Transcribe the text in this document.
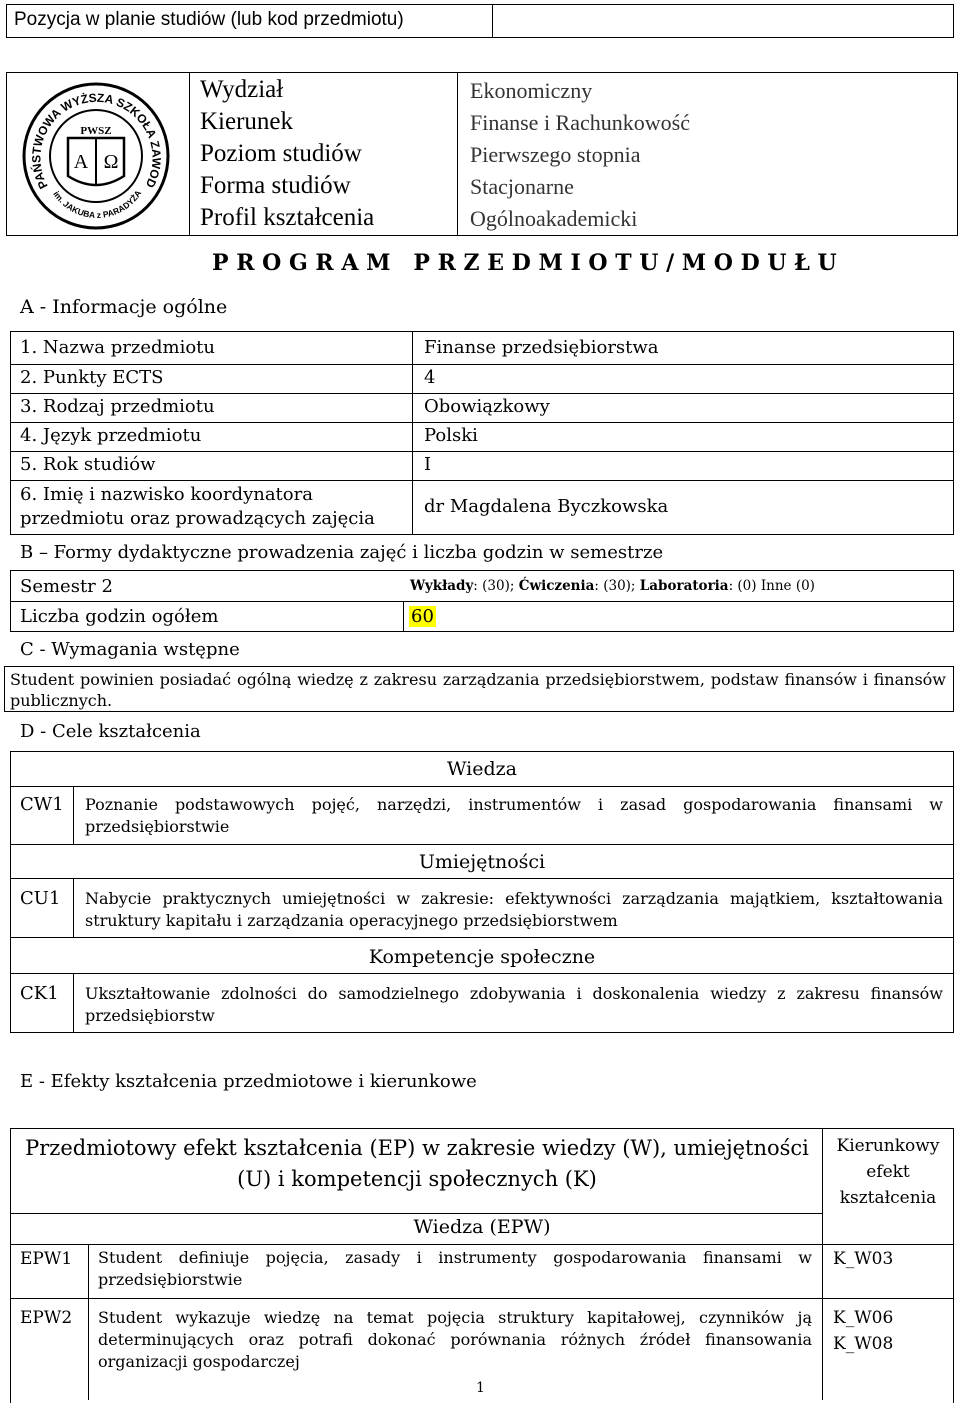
Pozycja w planie studiów (lub kod przedmiotu)
PAŃSTWOWA WYŻSZA SZKOŁA ZAWOD
im. JAKUBA z PARADYŻA
PWSZ
A Ω
Wydział
Kierunek
Poziom studiów
Forma studiów
Profil kształcenia
Ekonomiczny
Finanse i Rachunkowość
Pierwszego stopnia
Stacjonarne
Ogólnoakademicki
P R O G R A M   P R Z E D M I O T U / M O D U Ł U
A - Informacje ogólne
1. Nazwa przedmiotu
2. Punkty ECTS
3. Rodzaj przedmiotu
4. Język przedmiotu
5. Rok studiów
6. Imię i nazwisko koordynatora
przedmiotu oraz prowadzących zajęcia
Finanse przedsiębiorstwa
4
Obowiązkowy
Polski
I
dr Magdalena Byczkowska
B – Formy dydaktyczne prowadzenia zajęć i liczba godzin w semestrze
Semestr 2	Wykłady: (30); Ćwiczenia: (30); Laboratoria: (0) Inne (0)
Liczba godzin ogółem	60
C - Wymagania wstępne
Student powinien posiadać ogólną wiedzę z zakresu zarządzania przedsiębiorstwem, podstaw finansów i finansów publicznych.
D - Cele kształcenia
Wiedza
CW1 Poznanie podstawowych pojęć, narzędzi, instrumentów i zasad gospodarowania finansami w przedsiębiorstwie
Umiejętności
CU1 Nabycie praktycznych umiejętności w zakresie: efektywności zarządzania majątkiem, kształtowania struktury kapitału i zarządzania operacyjnego przedsiębiorstwem
Kompetencje społeczne
CK1 Ukształtowanie zdolności do samodzielnego zdobywania i doskonalenia wiedzy z zakresu finansów przedsiębiorstw
E - Efekty kształcenia przedmiotowe i kierunkowe
Przedmiotowy efekt kształcenia (EP) w zakresie wiedzy (W), umiejętności (U) i kompetencji społecznych (K)
Kierunkowy efekt kształcenia
Wiedza (EPW)
EPW1 Student definiuje pojęcia, zasady i instrumenty gospodarowania finansami w przedsiębiorstwie
K_W03
EPW2 Student wykazuje wiedzę na temat pojęcia struktury kapitałowej, czynników ją determinujących oraz potrafi dokonać porównania różnych źródeł finansowania organizacji gospodarczej
K_W06
K_W08
1
